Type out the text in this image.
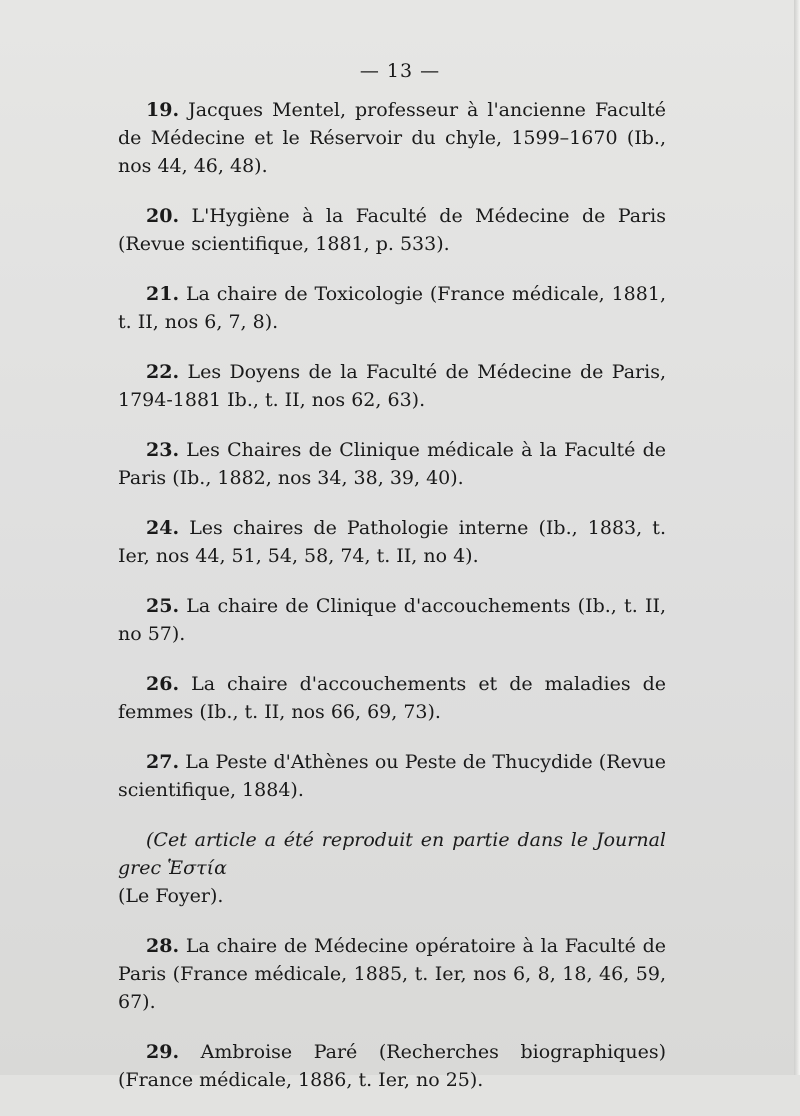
— 13 —
19. Jacques Mentel, professeur à l'ancienne Faculté de Médecine et le Réservoir du chyle, 1599–1670 (Ib., nos 44, 46, 48).
20. L'Hygiène à la Faculté de Médecine de Paris (Revue scientifique, 1881, p. 533).
21. La chaire de Toxicologie (France médicale, 1881, t. II, nos 6, 7, 8).
22. Les Doyens de la Faculté de Médecine de Paris, 1794-1881 Ib., t. II, nos 62, 63).
23. Les Chaires de Clinique médicale à la Faculté de Paris (Ib., 1882, nos 34, 38, 39, 40).
24. Les chaires de Pathologie interne (Ib., 1883, t. Ier, nos 44, 51, 54, 58, 74, t. II, no 4).
25. La chaire de Clinique d'accouchements (Ib., t. II, no 57).
26. La chaire d'accouchements et de maladies de femmes (Ib., t. II, nos 66, 69, 73).
27. La Peste d'Athènes ou Peste de Thucydide (Revue scientifique, 1884).
(Cet article a été reproduit en partie dans le Journal grec Ἑστία
(Le Foyer).
28. La chaire de Médecine opératoire à la Faculté de Paris (France médicale, 1885, t. Ier, nos 6, 8, 18, 46, 59, 67).
29. Ambroise Paré (Recherches biographiques) (France médicale, 1886, t. Ier, no 25).
